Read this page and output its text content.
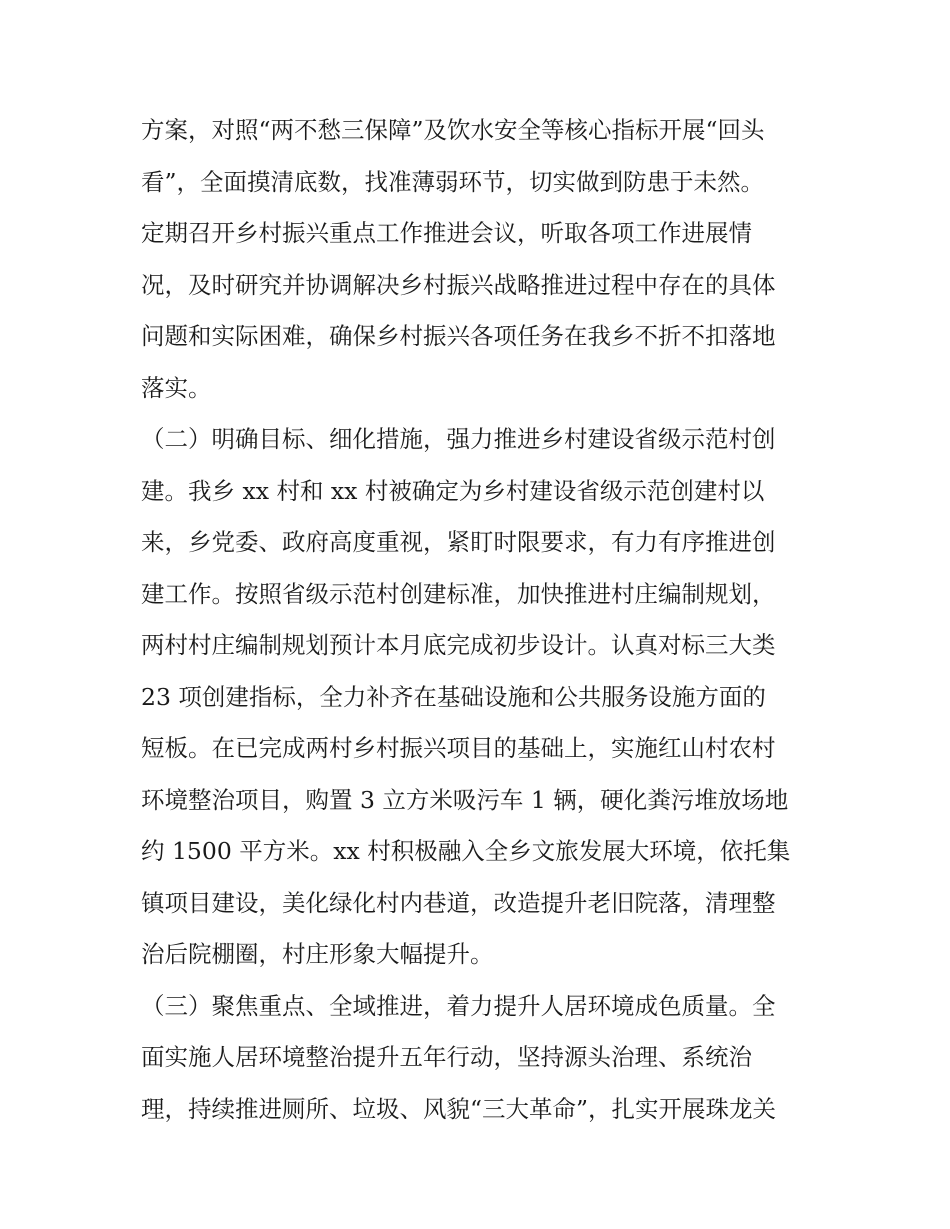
方案，对照“两不愁三保障”及饮水安全等核心指标开展“回头
看”，全面摸清底数，找准薄弱环节，切实做到防患于未然。
定期召开乡村振兴重点工作推进会议，听取各项工作进展情
况，及时研究并协调解决乡村振兴战略推进过程中存在的具体
问题和实际困难，确保乡村振兴各项任务在我乡不折不扣落地
落实。
（二）明确目标、细化措施，强力推进乡村建设省级示范村创
建。我乡 xx 村和 xx 村被确定为乡村建设省级示范创建村以
来，乡党委、政府高度重视，紧盯时限要求，有力有序推进创
建工作。按照省级示范村创建标准，加快推进村庄编制规划，
两村村庄编制规划预计本月底完成初步设计。认真对标三大类
23 项创建指标，全力补齐在基础设施和公共服务设施方面的
短板。在已完成两村乡村振兴项目的基础上，实施红山村农村
环境整治项目，购置 3 立方米吸污车 1 辆，硬化粪污堆放场地
约 1500 平方米。xx 村积极融入全乡文旅发展大环境，依托集
镇项目建设，美化绿化村内巷道，改造提升老旧院落，清理整
治后院棚圈，村庄形象大幅提升。
（三）聚焦重点、全域推进，着力提升人居环境成色质量。全
面实施人居环境整治提升五年行动，坚持源头治理、系统治
理，持续推进厕所、垃圾、风貌“三大革命”，扎实开展珠龙关
